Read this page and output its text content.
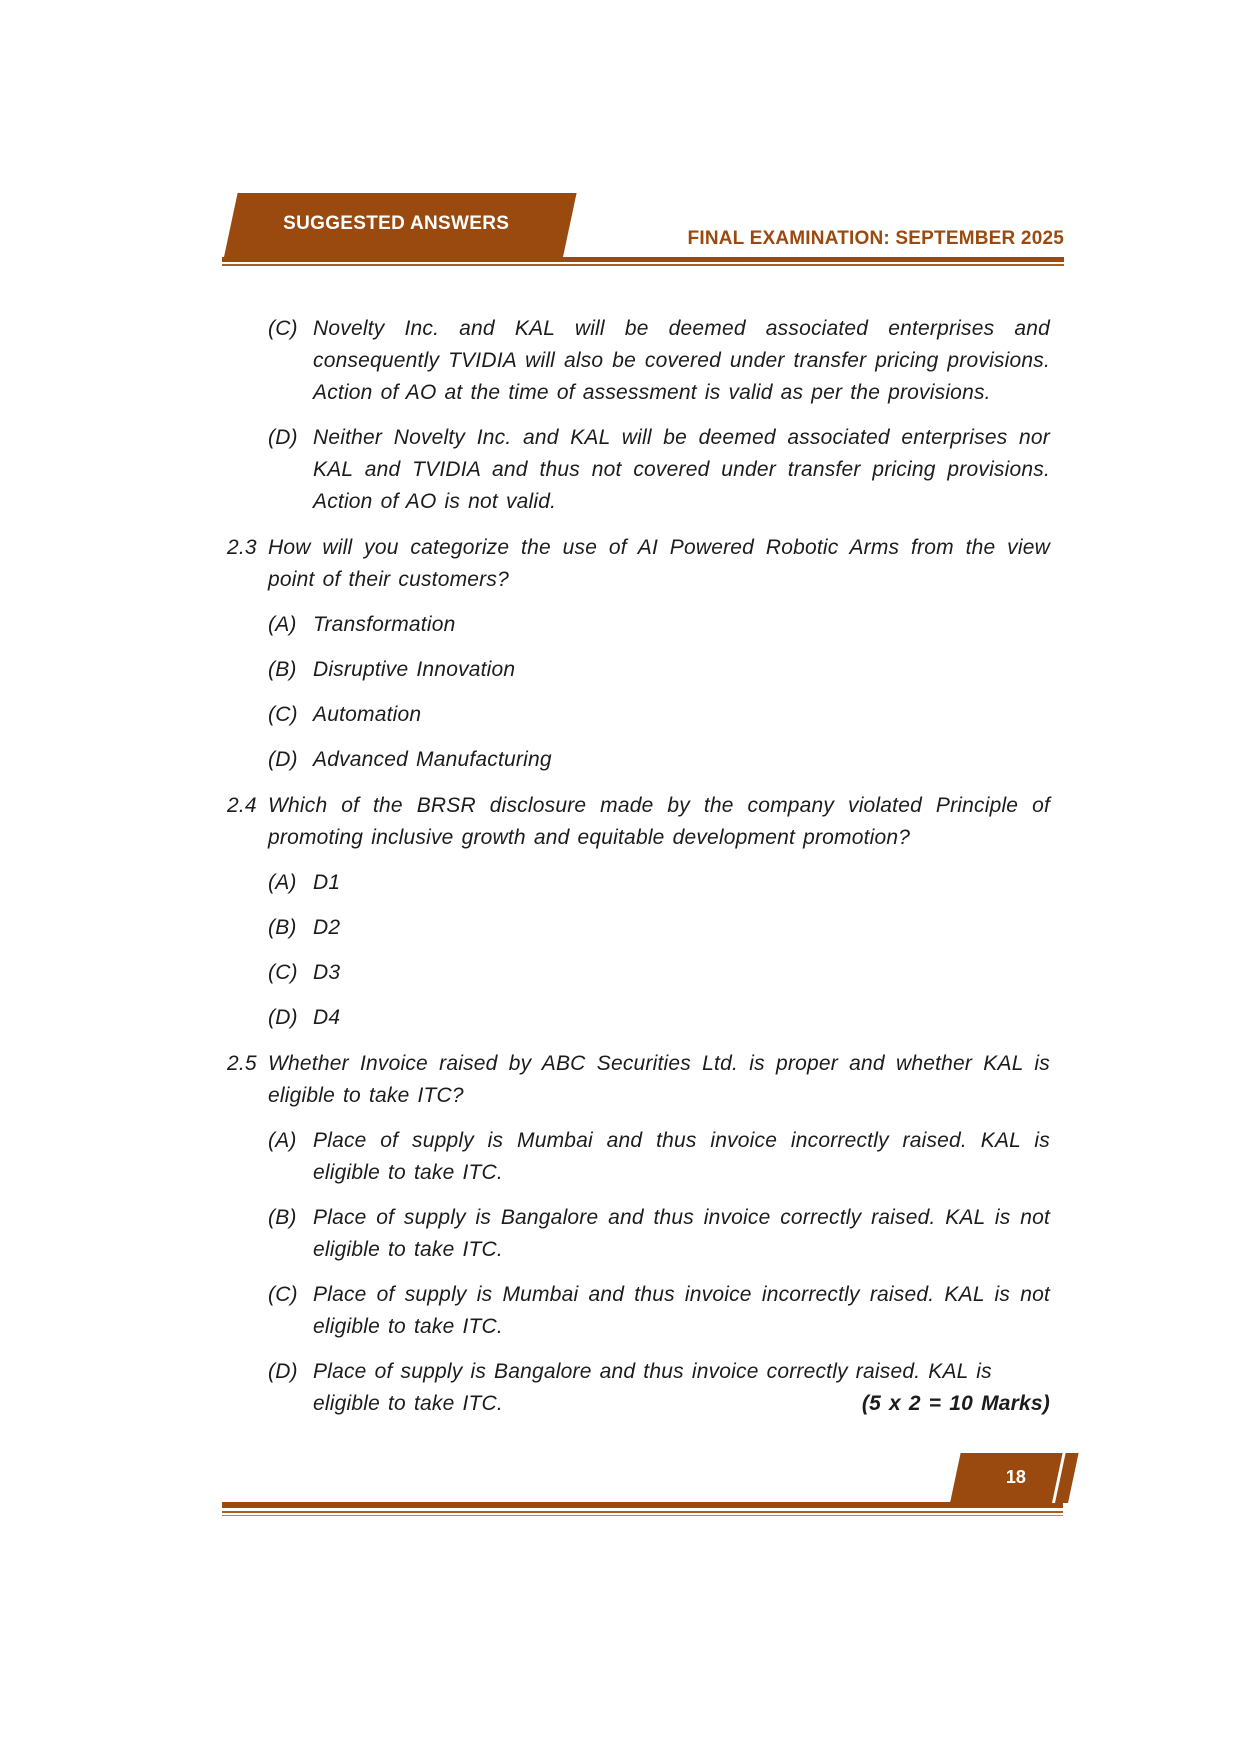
SUGGESTED ANSWERS
FINAL EXAMINATION: SEPTEMBER 2025
(C) Novelty Inc. and KAL will be deemed associated enterprises and consequently TVIDIA will also be covered under transfer pricing provisions. Action of AO at the time of assessment is valid as per the provisions.
(D) Neither Novelty Inc. and KAL will be deemed associated enterprises nor KAL and TVIDIA and thus not covered under transfer pricing provisions. Action of AO is not valid.
2.3 How will you categorize the use of AI Powered Robotic Arms from the view point of their customers?
(A) Transformation
(B) Disruptive Innovation
(C) Automation
(D) Advanced Manufacturing
2.4 Which of the BRSR disclosure made by the company violated Principle of promoting inclusive growth and equitable development promotion?
(A) D1
(B) D2
(C) D3
(D) D4
2.5 Whether Invoice raised by ABC Securities Ltd. is proper and whether KAL is eligible to take ITC?
(A) Place of supply is Mumbai and thus invoice incorrectly raised. KAL is eligible to take ITC.
(B) Place of supply is Bangalore and thus invoice correctly raised. KAL is not eligible to take ITC.
(C) Place of supply is Mumbai and thus invoice incorrectly raised. KAL is not eligible to take ITC.
(D) Place of supply is Bangalore and thus invoice correctly raised. KAL is
eligible to take ITC.	(5 x 2 = 10 Marks)
18
